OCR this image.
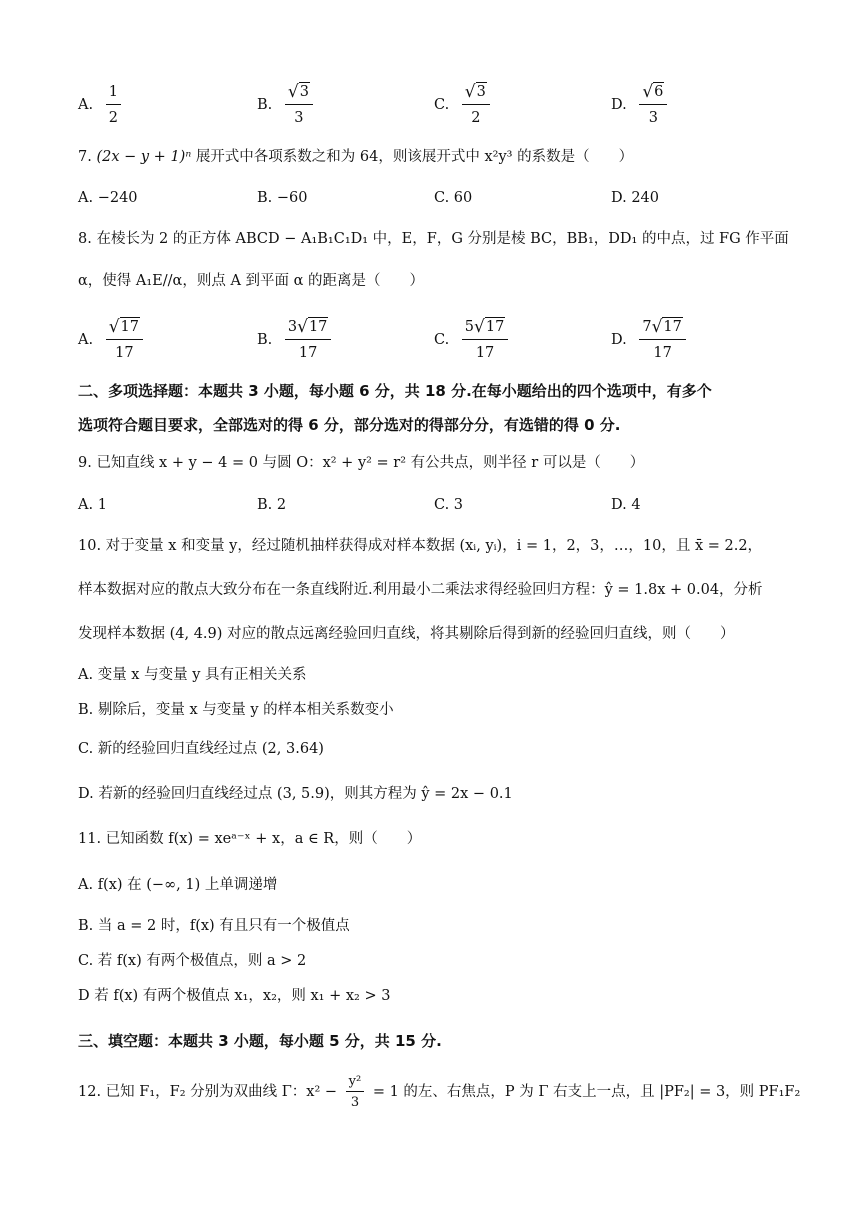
A. $\frac{1}{2}$	B. $\frac{√ 3}{3}$	C. $\frac{√ 3}{2}$	D. $\frac{√ 6}{3}$
7. (2x − y + 1)ⁿ 展开式中各项系数之和为 64，则该展开式中 x²y³ 的系数是（　　）
A. −240	B. −60	C. 60	D. 240
8. 在棱长为 2 的正方体 ABCD − A₁B₁C₁D₁ 中，E，F，G 分别是棱 BC，BB₁，DD₁ 的中点，过 FG 作平面
α，使得 A₁E//α，则点 A 到平面 α 的距离是（　　）
A. $\frac{√ 17}{17}$	B. $\frac{3 √ 17}{17}$	C. $\frac{5 √ 17}{17}$	D. $\frac{7 √ 17}{17}$
二、多项选择题：本题共 3 小题，每小题 6 分，共 18 分.在每小题给出的四个选项中，有多个
选项符合题目要求，全部选对的得 6 分，部分选对的得部分分，有选错的得 0 分.
9. 已知直线 x + y − 4 = 0 与圆 O：x² + y² = r² 有公共点，则半径 r 可以是（　　）
A. 1	B. 2	C. 3	D. 4
10. 对于变量 x 和变量 y，经过随机抽样获得成对样本数据 (xᵢ, yᵢ)，i = 1，2，3，…，10，且 x̄ = 2.2，
样本数据对应的散点大致分布在一条直线附近.利用最小二乘法求得经验回归方程：ŷ = 1.8x + 0.04，分析
发现样本数据 (4, 4.9) 对应的散点远离经验回归直线，将其剔除后得到新的经验回归直线，则（　　）
A. 变量 x 与变量 y 具有正相关关系
B. 剔除后，变量 x 与变量 y 的样本相关系数变小
C. 新的经验回归直线经过点 (2, 3.64)
D. 若新的经验回归直线经过点 (3, 5.9)，则其方程为 ŷ = 2x − 0.1
11. 已知函数 f(x) = xeᵃ⁻ˣ + x，a ∈ R，则（　　）
A. f(x) 在 (−∞, 1) 上单调递增
B. 当 a = 2 时，f(x) 有且只有一个极值点
C. 若 f(x) 有两个极值点，则 a > 2
D 若 f(x) 有两个极值点 x₁，x₂，则 x₁ + x₂ > 3
三、填空题：本题共 3 小题，每小题 5 分，共 15 分.
12. 已知 F₁，F₂ 分别为双曲线 Γ：$x^2 - \frac{\text{y²}}{3} = 1$ 的左、右焦点，P 为 Γ 右支上一点，且 |PF₂| = 3，则 PF₁F₂
